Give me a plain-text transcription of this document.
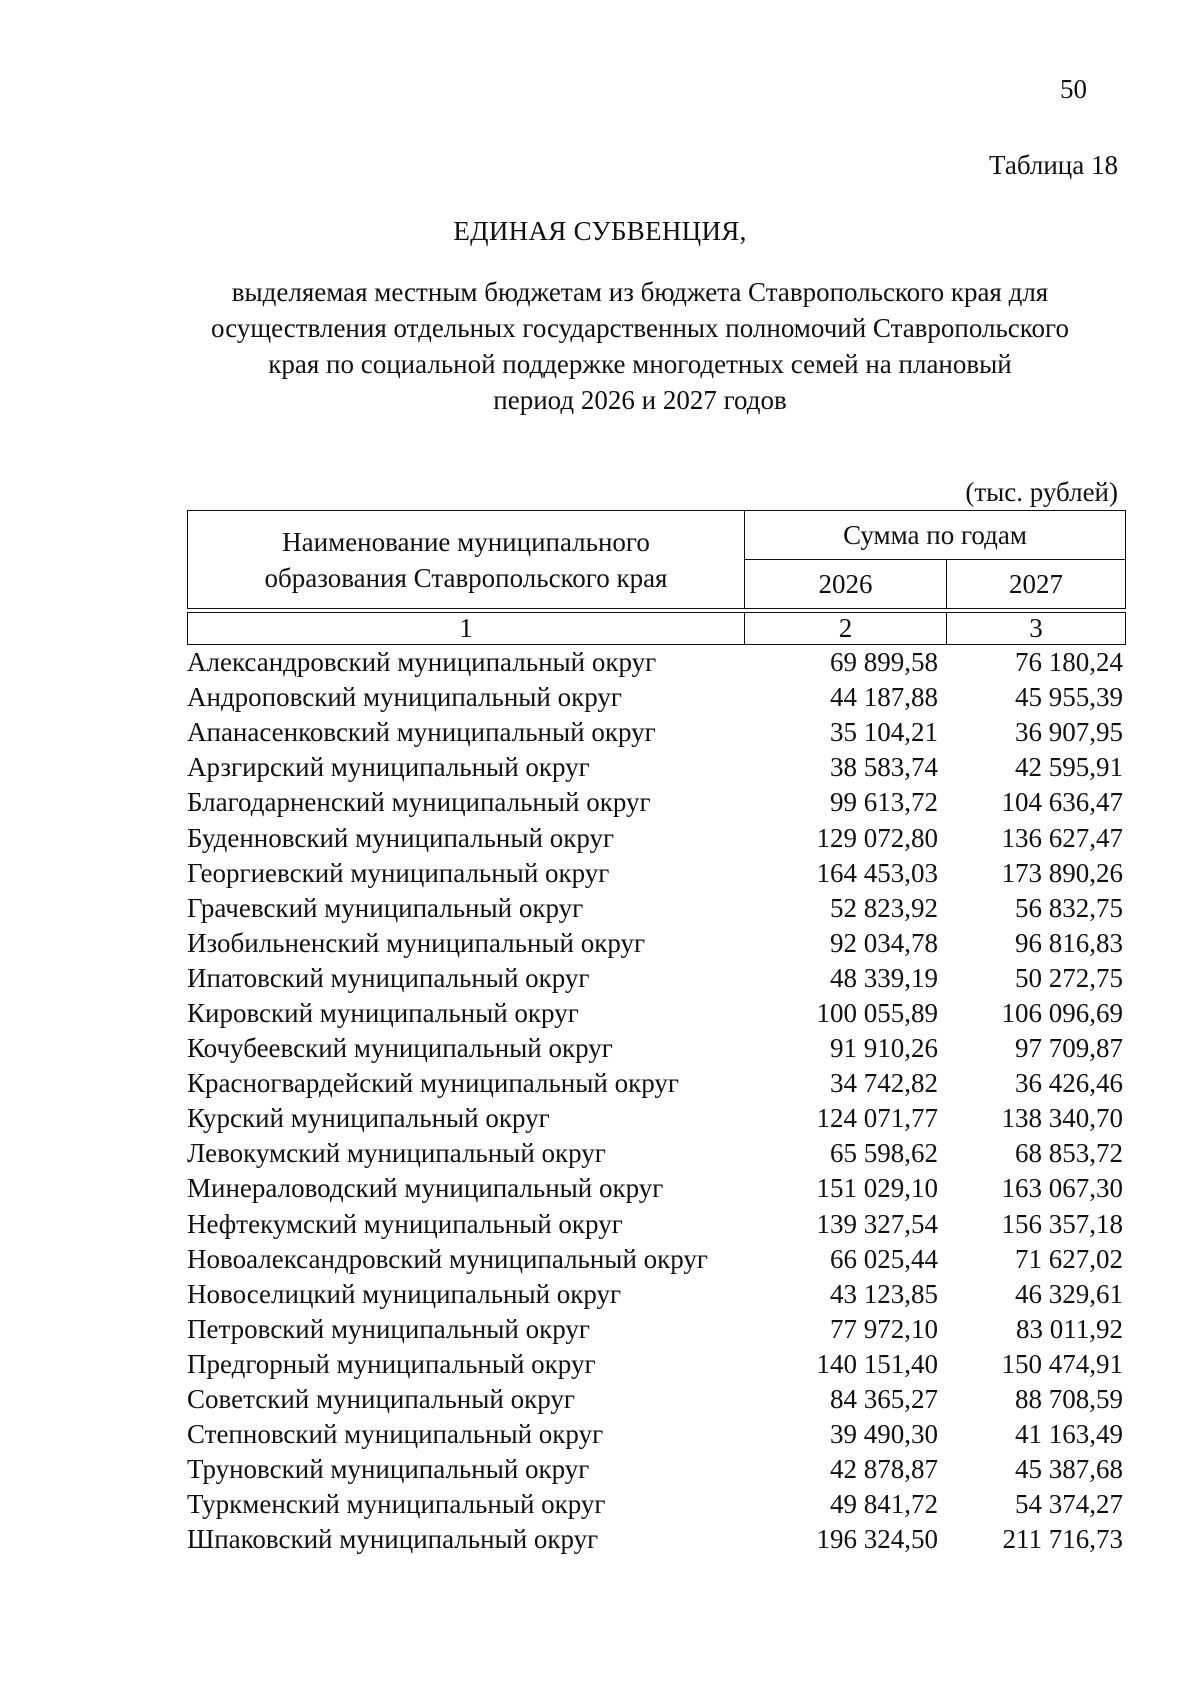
50
Таблица 18
ЕДИНАЯ СУБВЕНЦИЯ,
выделяемая местным бюджетам из бюджета Ставропольского края для
осуществления отдельных государственных полномочий Ставропольского
края по социальной поддержке многодетных семей на плановый
период 2026 и 2027 годов
(тыс. рублей)
Наименование муниципального
образования Ставропольского края	Сумма по годам	
	2026	2027

1	2	3
Александровский муниципальный округ	69 899,58	76 180,24
Андроповский муниципальный округ	44 187,88	45 955,39
Апанасенковский муниципальный округ	35 104,21	36 907,95
Арзгирский муниципальный округ	38 583,74	42 595,91
Благодарненский муниципальный округ	99 613,72	104 636,47
Буденновский муниципальный округ	129 072,80	136 627,47
Георгиевский муниципальный округ	164 453,03	173 890,26
Грачевский муниципальный округ	52 823,92	56 832,75
Изобильненский муниципальный округ	92 034,78	96 816,83
Ипатовский муниципальный округ	48 339,19	50 272,75
Кировский муниципальный округ	100 055,89	106 096,69
Кочубеевский муниципальный округ	91 910,26	97 709,87
Красногвардейский муниципальный округ	34 742,82	36 426,46
Курский муниципальный округ	124 071,77	138 340,70
Левокумский муниципальный округ	65 598,62	68 853,72
Минераловодский муниципальный округ	151 029,10	163 067,30
Нефтекумский муниципальный округ	139 327,54	156 357,18
Новоалександровский муниципальный округ	66 025,44	71 627,02
Новоселицкий муниципальный округ	43 123,85	46 329,61
Петровский муниципальный округ	77 972,10	83 011,92
Предгорный муниципальный округ	140 151,40	150 474,91
Советский муниципальный округ	84 365,27	88 708,59
Степновский муниципальный округ	39 490,30	41 163,49
Труновский муниципальный округ	42 878,87	45 387,68
Туркменский муниципальный округ	49 841,72	54 374,27
Шпаковский муниципальный округ	196 324,50	211 716,73
